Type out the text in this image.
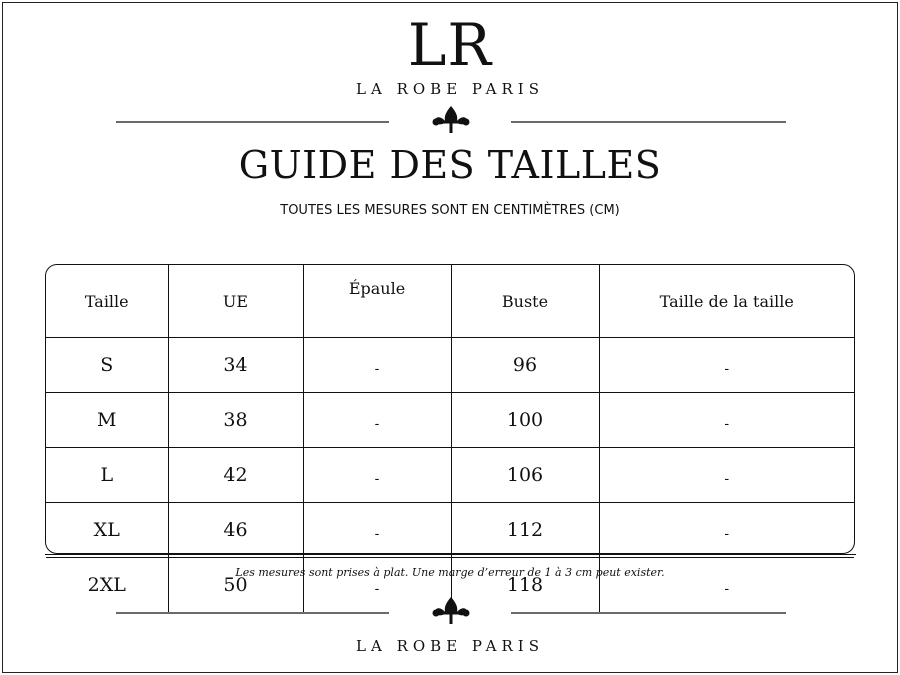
LR
LA ROBE PARIS
GUIDE DES TAILLES
TOUTES LES MESURES SONT EN CENTIMÈTRES (CM)
Taille	UE	Épaule	Buste	Taille de la taille
S	34	-	96	-
M	38	-	100	-
L	42	-	106	-
XL	46	-	112	-
2XL	50	-	118	-
Les mesures sont prises à plat. Une marge d’erreur de 1 à 3 cm peut exister.
LA ROBE PARIS
